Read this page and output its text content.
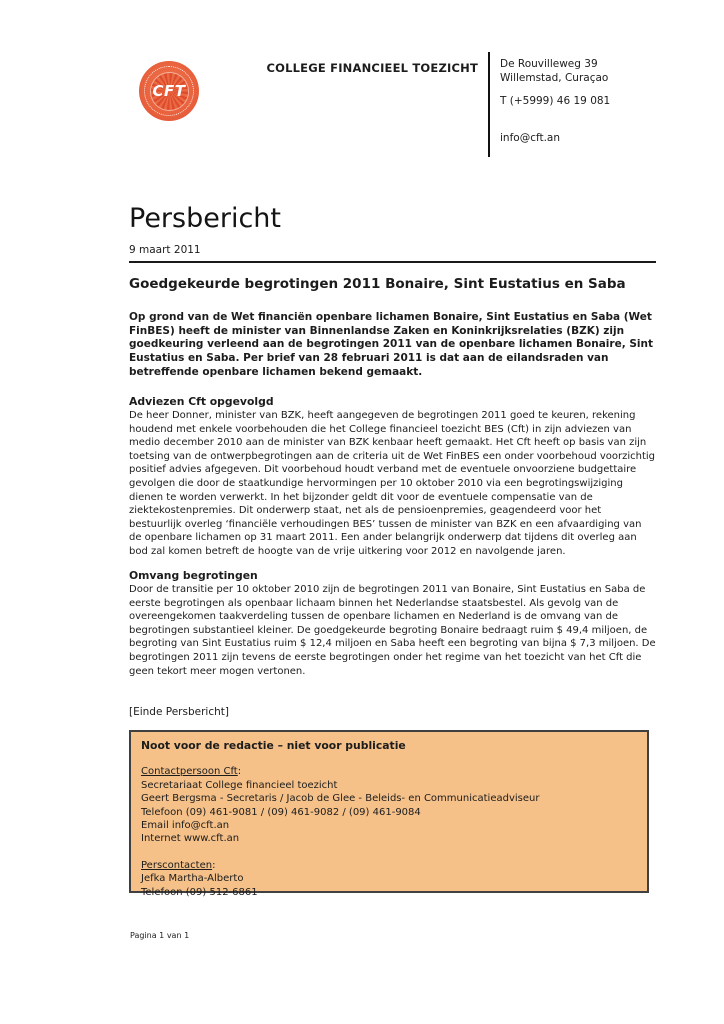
CFT
COLLEGE FINANCIEEL TOEZICHT De Rouvilleweg 39
Willemstad, Curaçao
T (+5999) 46 19 081
info@cft.an
Persbericht
9 maart 2011
Goedgekeurde begrotingen 2011 Bonaire, Sint Eustatius en Saba

Op grond van de Wet financiën openbare lichamen Bonaire, Sint Eustatius en Saba (Wet FinBES) heeft de minister van Binnenlandse Zaken en Koninkrijksrelaties (BZK) zijn goedkeuring verleend aan de begrotingen 2011 van de openbare lichamen Bonaire, Sint Eustatius en Saba. Per brief van 28 februari 2011 is dat aan de eilandsraden van betreffende openbare lichamen bekend gemaakt.

Adviezen Cft opgevolgd

De heer Donner, minister van BZK, heeft aangegeven de begrotingen 2011 goed te keuren, rekening houdend met enkele voorbehouden die het College financieel toezicht BES (Cft) in zijn adviezen van medio december 2010 aan de minister van BZK kenbaar heeft gemaakt. Het Cft heeft op basis van zijn toetsing van de ontwerpbegrotingen aan de criteria uit de Wet FinBES een onder voorbehoud voorzichtig positief advies afgegeven. Dit voorbehoud houdt verband met de eventuele onvoorziene budgettaire gevolgen die door de staatkundige hervormingen per 10 oktober 2010 via een begrotingswijziging dienen te worden verwerkt. In het bijzonder geldt dit voor de eventuele compensatie van de ziektekostenpremies. Dit onderwerp staat, net als de pensioenpremies, geagendeerd voor het bestuurlijk overleg ‘financiële verhoudingen BES’ tussen de minister van BZK en een afvaardiging van de openbare lichamen op 31 maart 2011. Een ander belangrijk onderwerp dat tijdens dit overleg aan bod zal komen betreft de hoogte van de vrije uitkering voor 2012 en navolgende jaren.

Omvang begrotingen

Door de transitie per 10 oktober 2010 zijn de begrotingen 2011 van Bonaire, Sint Eustatius en Saba de eerste begrotingen als openbaar lichaam binnen het Nederlandse staatsbestel. Als gevolg van de overeengekomen taakverdeling tussen de openbare lichamen en Nederland is de omvang van de begrotingen substantieel kleiner. De goedgekeurde begroting Bonaire bedraagt ruim $ 49,4 miljoen, de begroting van Sint Eustatius ruim $ 12,4 miljoen en Saba heeft een begroting van bijna $ 7,3 miljoen. De begrotingen 2011 zijn tevens de eerste begrotingen onder het regime van het toezicht van het Cft die geen tekort meer mogen vertonen.

[Einde Persbericht]
Noot voor de redactie – niet voor publicatie
Contactpersoon Cft:
Secretariaat College financieel toezicht
Geert Bergsma - Secretaris / Jacob de Glee - Beleids- en Communicatieadviseur
Telefoon (09) 461-9081 / (09) 461-9082 / (09) 461-9084
Email info@cft.an
Internet www.cft.an
Perscontacten:
Jefka Martha-Alberto
Telefoon (09) 512-6861
Pagina 1 van 1
